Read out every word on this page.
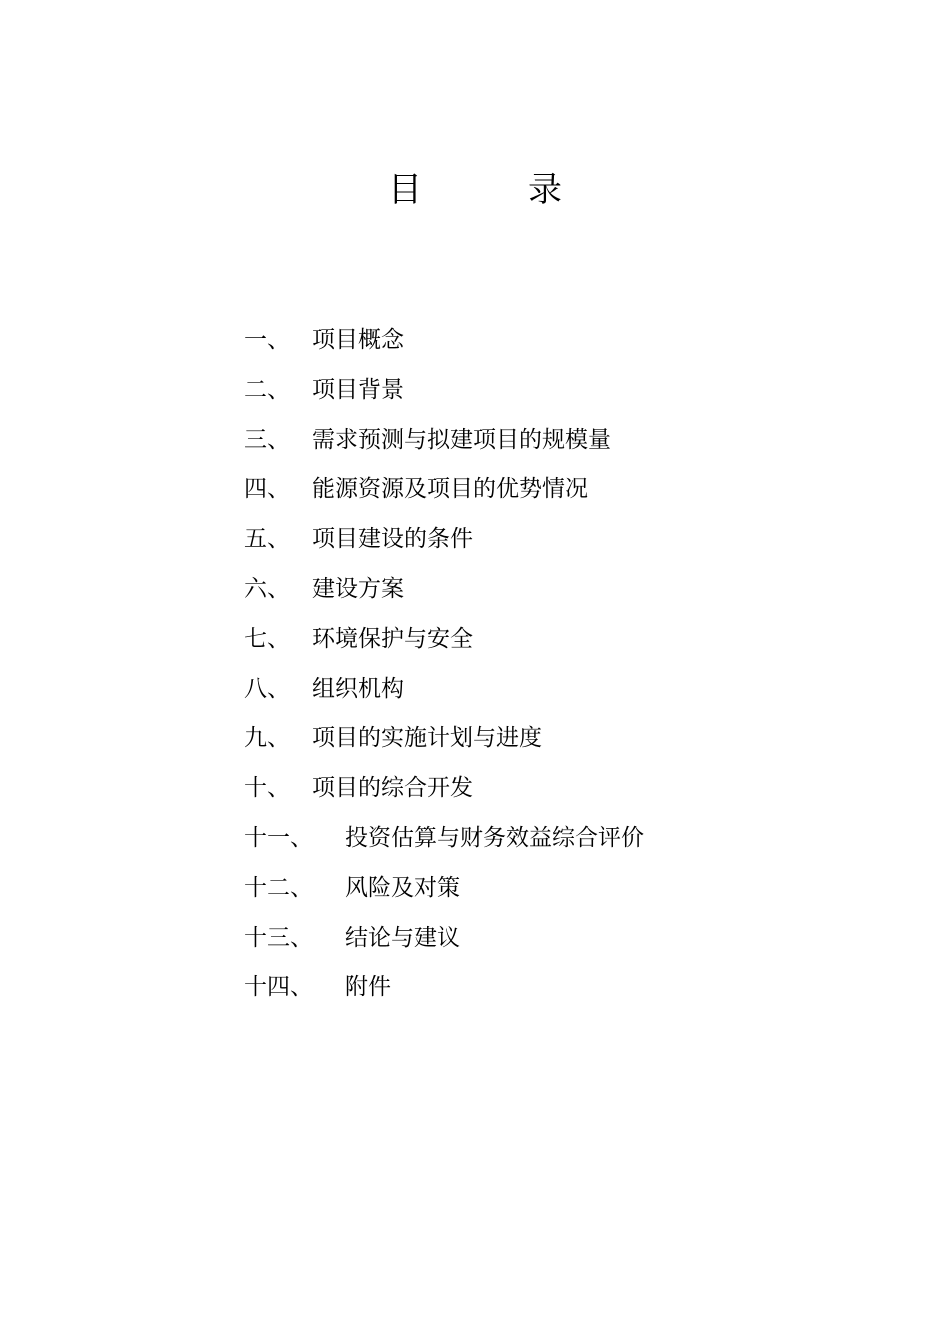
目	录
一、 项目概念
二、 项目背景
三、 需求预测与拟建项目的规模量
四、 能源资源及项目的优势情况
五、 项目建设的条件
六、 建设方案
七、 环境保护与安全
八、 组织机构
九、 项目的实施计划与进度
十、 项目的综合开发
十一、 投资估算与财务效益综合评价
十二、 风险及对策
十三、 结论与建议
十四、 附件
